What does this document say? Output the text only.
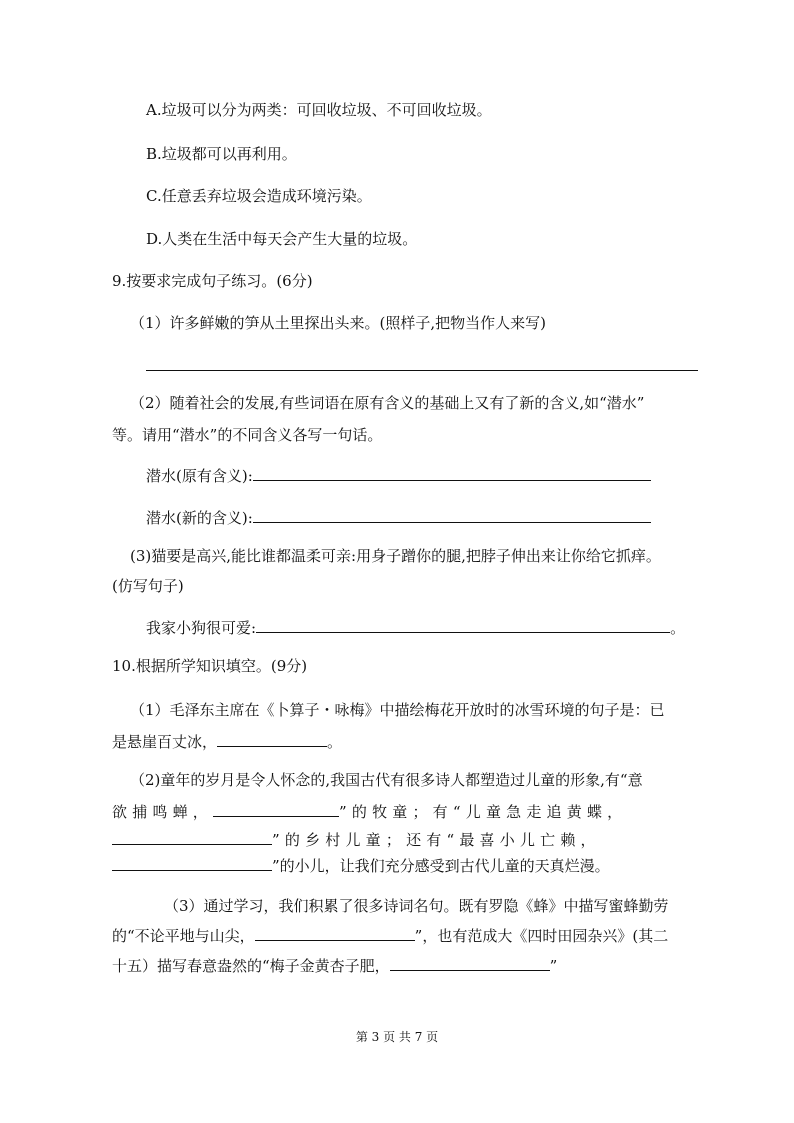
A.垃圾可以分为两类：可回收垃圾、不可回收垃圾。
B.垃圾都可以再利用。
C.任意丢弃垃圾会造成环境污染。
D.人类在生活中每天会产生大量的垃圾。
9.按要求完成句子练习。(6分)
（1）许多鲜嫩的笋从土里探出头来。(照样子,把物当作人来写)
（2）随着社会的发展,有些词语在原有含义的基础上又有了新的含义,如“潜水”
等。请用“潜水”的不同含义各写一句话。
潜水(原有含义):
潜水(新的含义):
(3)猫要是高兴,能比谁都温柔可亲:用身子蹭你的腿,把脖子伸出来让你给它抓痒。
(仿写句子)
我家小狗很可爱:	。
10.根据所学知识填空。(9分)
（1）毛泽东主席在《卜算子・咏梅》中描绘梅花开放时的冰雪环境的句子是：已
是悬崖百丈冰，	。
（2)童年的岁月是令人怀念的,我国古代有很多诗人都塑造过儿童的形象,有“意
欲捕鸣蝉，	”的牧童；有“儿童急走追黄蝶，
”的乡村儿童；还有“最喜小儿亡赖，
”的小儿，让我们充分感受到古代儿童的天真烂漫。
（3）通过学习，我们积累了很多诗词名句。既有罗隐《蜂》中描写蜜蜂勤劳
的“不论平地与山尖，	”，也有范成大《四时田园杂兴》(其二
十五）描写春意盎然的“梅子金黄杏子肥，	”
第 3 页 共 7 页
